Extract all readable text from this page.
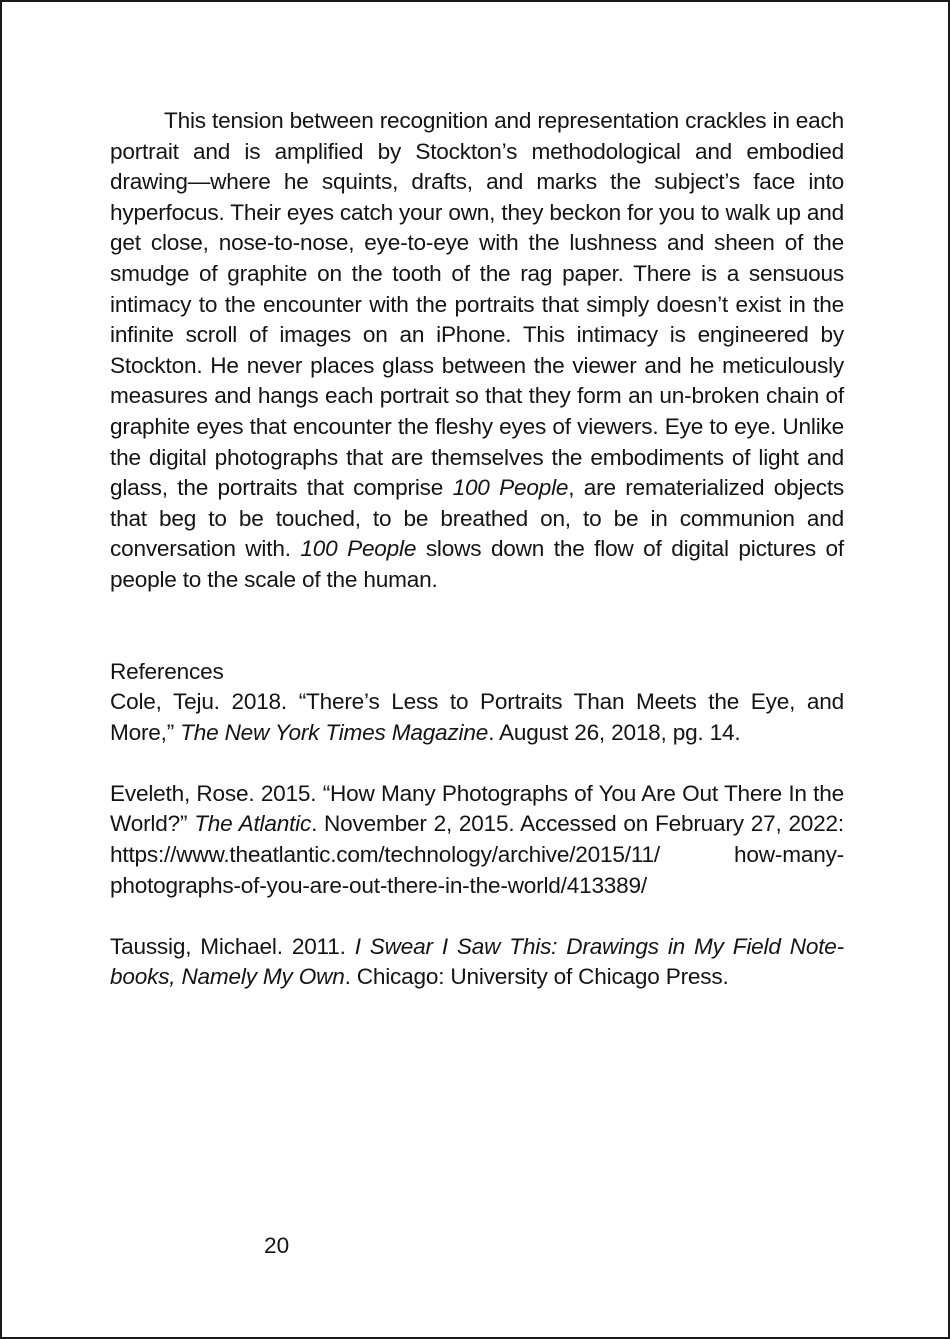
This tension between recognition and representation crackles in each portrait and is amplified by Stockton’s methodological and embodied drawing—where he squints, drafts, and marks the subject’s face into hyperfocus. Their eyes catch your own, they beckon for you to walk up and get close, nose-to-nose, eye-to-eye with the lushness and sheen of the smudge of graphite on the tooth of the rag paper. There is a sensuous intimacy to the encounter with the portraits that simply doesn’t exist in the infinite scroll of images on an iPhone. This intimacy is engineered by Stockton. He never places glass between the viewer and he meticulously measures and hangs each portrait so that they form an un-broken chain of graphite eyes that encounter the fleshy eyes of viewers. Eye to eye. Unlike the digital photographs that are themselves the embodiments of light and glass, the portraits that comprise 100 People, are rematerialized objects that beg to be touched, to be breathed on, to be in communion and conversation with. 100 People slows down the flow of digital pictures of people to the scale of the human.

References

Cole, Teju. 2018. “There’s Less to Portraits Than Meets the Eye, and More,” The New York Times Magazine. August 26, 2018, pg. 14.

Eveleth, Rose. 2015. “How Many Photographs of You Are Out There In the World?” The Atlantic. November 2, 2015. Accessed on February 27, 2022: https://www.theatlantic.com/technology/archive/2015/11/ how-many-photographs-of-you-are-out-there-in-the-world/413389/

Taussig, Michael. 2011. I Swear I Saw This: Drawings in My Field Note-books, Namely My Own. Chicago: University of Chicago Press.

20
